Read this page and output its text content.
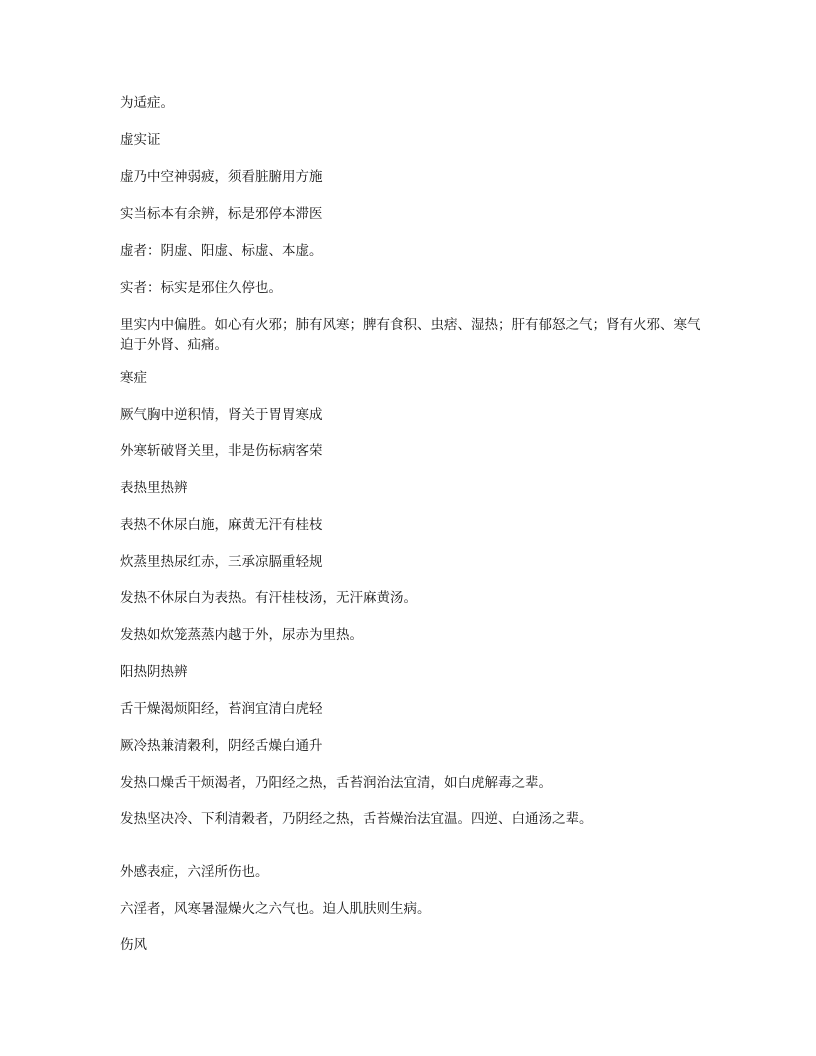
为适症。

虚实证

虚乃中空神弱疲，须看脏腑用方施

实当标本有余辨，标是邪停本滞医

虚者：阴虚、阳虚、标虚、本虚。

实者：标实是邪住久停也。

里实内中偏胜。如心有火邪；肺有风寒；脾有食积、虫痞、湿热；肝有郁怒之气；肾有火邪、寒气迫于外肾、疝痛。

寒症

厥气胸中逆积情，肾关于胃胃寒成

外寒斩破肾关里，非是伤标病客荣

表热里热辨

表热不休尿白施，麻黄无汗有桂枝

炊蒸里热尿红赤，三承凉膈重轻规

发热不休尿白为表热。有汗桂枝汤，无汗麻黄汤。

发热如炊笼蒸蒸内越于外，尿赤为里热。

阳热阴热辨

舌干燥渴烦阳经，苔润宜清白虎轻

厥冷热兼清穀利，阴经舌燥白通升

发热口燥舌干烦渴者，乃阳经之热，舌苔润治法宜清，如白虎解毒之辈。

发热坚决冷、下利清穀者，乃阴经之热，舌苔燥治法宜温。四逆、白通汤之辈。

外感表症，六淫所伤也。

六淫者，风寒暑湿燥火之六气也。迫人肌肤则生病。

伤风
